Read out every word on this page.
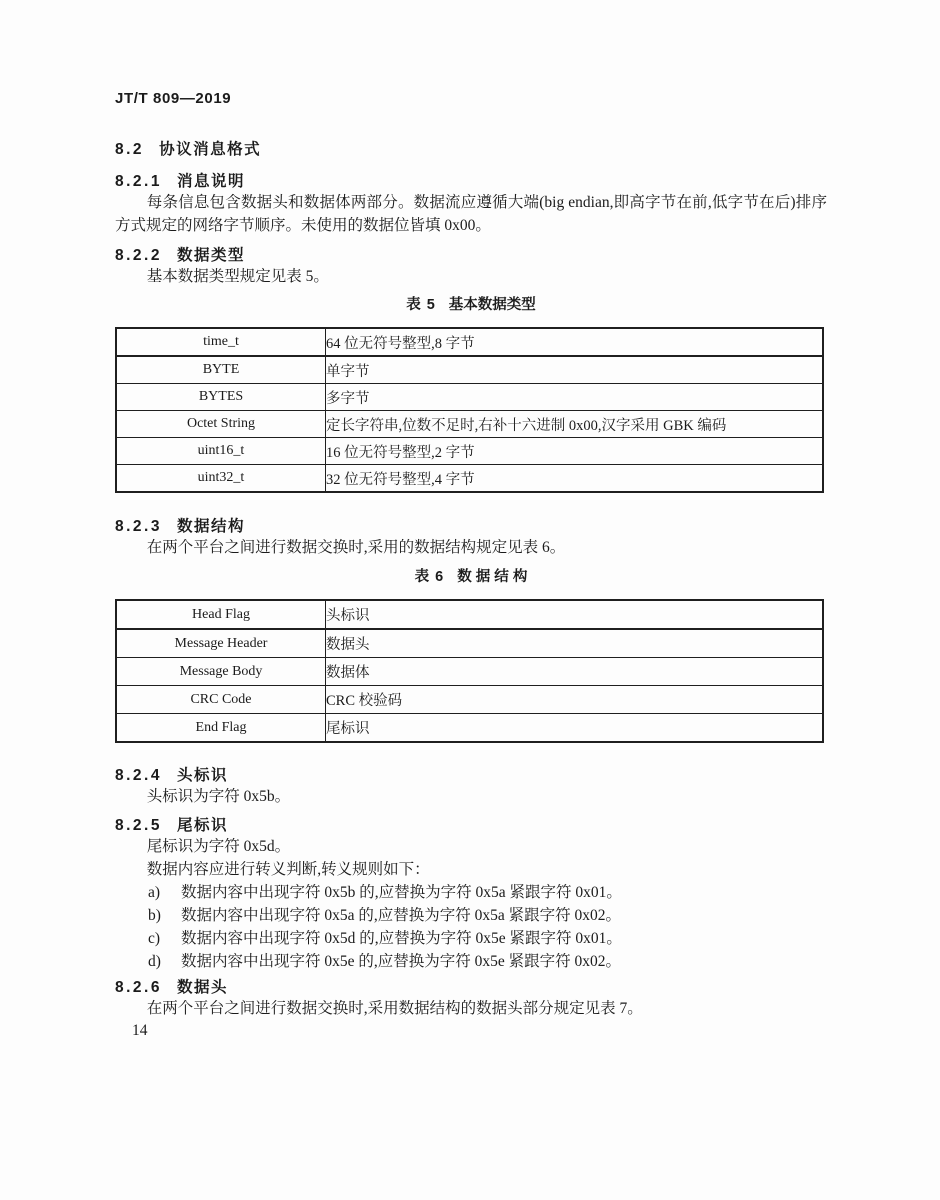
JT/T 809—2019
8.2 协议消息格式
8.2.1 消息说明

每条信息包含数据头和数据体两部分。数据流应遵循大端(big endian,即高字节在前,低字节在后)排序方式规定的网络字节顺序。未使用的数据位皆填 0x00。

8.2.2 数据类型

基本数据类型规定见表 5。

表 5 基本数据类型
time_t	64 位无符号整型,8 字节
BYTE	单字节
BYTES	多字节
Octet String	定长字符串,位数不足时,右补十六进制 0x00,汉字采用 GBK 编码
uint16_t	16 位无符号整型,2 字节
uint32_t	32 位无符号整型,4 字节
8.2.3 数据结构

在两个平台之间进行数据交换时,采用的数据结构规定见表 6。

表 6 数 据 结 构
Head Flag	头标识
Message Header	数据头
Message Body	数据体
CRC Code	CRC 校验码
End Flag	尾标识
8.2.4 头标识

头标识为字符 0x5b。

8.2.5 尾标识

尾标识为字符 0x5d。

数据内容应进行转义判断,转义规则如下：

a) 数据内容中出现字符 0x5b 的,应替换为字符 0x5a 紧跟字符 0x01。
b) 数据内容中出现字符 0x5a 的,应替换为字符 0x5a 紧跟字符 0x02。
c) 数据内容中出现字符 0x5d 的,应替换为字符 0x5e 紧跟字符 0x01。
d) 数据内容中出现字符 0x5e 的,应替换为字符 0x5e 紧跟字符 0x02。
8.2.6 数据头

在两个平台之间进行数据交换时,采用数据结构的数据头部分规定见表 7。

14
